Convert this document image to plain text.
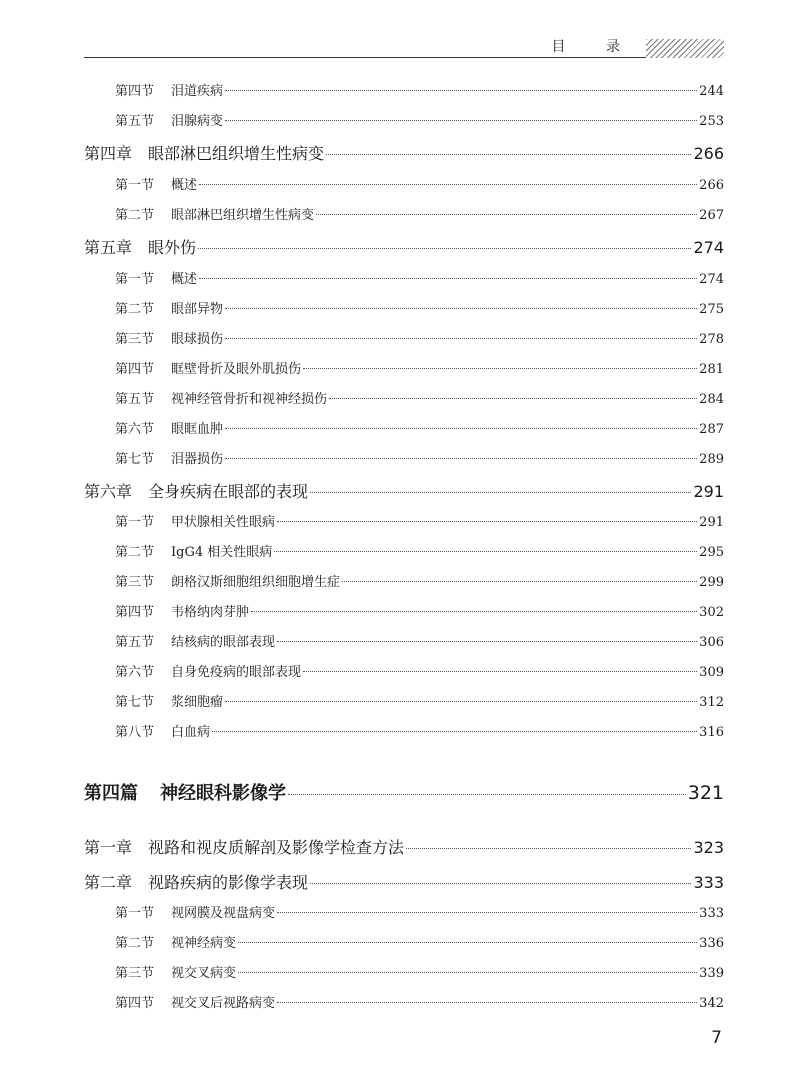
目 录
第四节	泪道疾病	244
第五节	泪腺病变	253
第四章 眼部淋巴组织增生性病变	266
第一节	概述	266
第二节	眼部淋巴组织增生性病变	267
第五章 眼外伤	274
第一节	概述	274
第二节	眼部异物	275
第三节	眼球损伤	278
第四节	眶壁骨折及眼外肌损伤	281
第五节	视神经管骨折和视神经损伤	284
第六节	眼眶血肿	287
第七节	泪器损伤	289
第六章 全身疾病在眼部的表现	291
第一节	甲状腺相关性眼病	291
第二节	IgG4 相关性眼病	295
第三节	朗格汉斯细胞组织细胞增生症	299
第四节	韦格纳肉芽肿	302
第五节	结核病的眼部表现	306
第六节	自身免疫病的眼部表现	309
第七节	浆细胞瘤	312
第八节	白血病	316
第四篇	神经眼科影像学	321
第一章 视路和视皮质解剖及影像学检查方法	323
第二章 视路疾病的影像学表现	333
第一节	视网膜及视盘病变	333
第二节	视神经病变	336
第三节	视交叉病变	339
第四节	视交叉后视路病变	342
7
